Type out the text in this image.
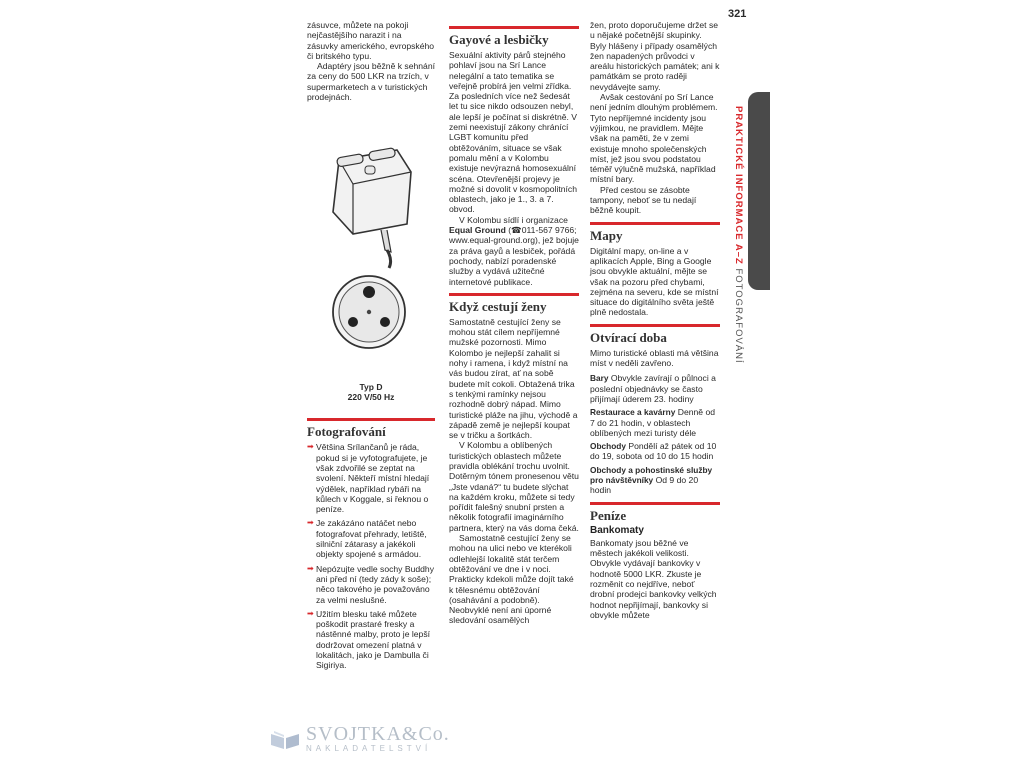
321
PRAKTICKÉ INFORMACE A–Z FOTOGRAFOVÁNÍ

zásuvce, můžete na pokoji nejčastějšího narazit i na zásuvky amerického, evropského či britského typu.

Adaptéry jsou běžně k sehnání za ceny do 500 LKR na trzích, v supermarketech a v turistických prodejnách.

Typ D
220 V/50 Hz
Fotografování
➡ Většina Srílančanů je ráda, pokud si je vyfotografujete, je však zdvořilé se zeptat na svolení. Někteří místní hledají výdělek, například rybáři na kůlech v Koggale, si řeknou o peníze.
➡ Je zakázáno natáčet nebo fotografovat přehrady, letiště, silniční zátarasy a jakékoli objekty spojené s armádou.
➡ Nepózujte vedle sochy Buddhy ani před ní (tedy zády k soše); něco takového je považováno za velmi neslušné.
➡ Užitím blesku také můžete poškodit prastaré fresky a nástěnné malby, proto je lepší dodržovat omezení platná v lokalitách, jako je Dambulla či Sigiriya.
Gayové a lesbičky

Sexuální aktivity párů stejného pohlaví jsou na Srí Lance nelegální a tato tematika se veřejně probírá jen velmi zřídka. Za posledních více než šedesát let tu sice nikdo odsouzen nebyl, ale lepší je počínat si diskrétně. V zemi neexistují zákony chránící LGBT komunitu před obtěžováním, situace se však pomalu mění a v Kolombu existuje nevýrazná homosexuální scéna. Otevřenější projevy je možné si dovolit v kosmopolitních oblastech, jako je 1., 3. a 7. obvod.

V Kolombu sídlí i organizace Equal Ground (☎011-567 9766; www.equal-ground.org), jež bojuje za práva gayů a lesbiček, pořádá pochody, nabízí poradenské služby a vydává užitečné internetové publikace.

Když cestují ženy

Samostatně cestující ženy se mohou stát cílem nepříjemné mužské pozornosti. Mimo Kolombo je nejlepší zahalit si nohy i ramena, i když místní na vás budou zírat, ať na sobě budete mít cokoli. Obtažená trika s tenkými ramínky nejsou rozhodně dobrý nápad. Mimo turistické pláže na jihu, východě a západě země je nejlepší koupat se v tričku a šortkách.

V Kolombu a oblíbených turistických oblastech můžete pravidla oblékání trochu uvolnit. Dotěrným tónem pronesenou větu „Jste vdaná?“ tu budete slýchat na každém kroku, můžete si tedy pořídit falešný snubní prsten a několik fotografií imaginárního partnera, který na vás doma čeká.

Samostatně cestující ženy se mohou na ulici nebo ve kterékoli odlehlejší lokalitě stát terčem obtěžování ve dne i v noci. Prakticky kdekoli může dojít také k tělesnému obtěžování (osahávání a podobně). Neobvyklé není ani úporné sledování osamělých

žen, proto doporučujeme držet se u nějaké početnější skupinky. Byly hlášeny i případy osamělých žen napadených průvodci v areálu historických památek; ani k památkám se proto raději nevydávejte samy.

Avšak cestování po Srí Lance není jedním dlouhým problémem. Tyto nepříjemné incidenty jsou výjimkou, ne pravidlem. Mějte však na paměti, že v zemi existuje mnoho společenských míst, jež jsou svou podstatou téměř výlučně mužská, například místní bary.

Před cestou se zásobte tampony, neboť se tu nedají běžně koupit.

Mapy

Digitální mapy, on-line a v aplikacích Apple, Bing a Google jsou obvykle aktuální, mějte se však na pozoru před chybami, zejména na severu, kde se místní situace do digitálního světa ještě plně nedostala.

Otvírací doba

Mimo turistické oblasti má většina míst v neděli zavřeno.

Bary Obvykle zavírají o půlnoci a poslední objednávky se často přijímají úderem 23. hodiny
Restaurace a kavárny Denně od 7 do 21 hodin, v oblastech oblíbených mezi turisty déle
Obchody Pondělí až pátek od 10 do 19, sobota od 10 do 15 hodin
Obchody a pohostinské služby pro návštěvníky Od 9 do 20 hodin
Peníze
Bankomaty

Bankomaty jsou běžné ve městech jakékoli velikosti. Obvykle vydávají bankovky v hodnotě 5000 LKR. Zkuste je rozměnit co nejdříve, neboť drobní prodejci bankovky velkých hodnot nepřijímají, bankovky si obvykle můžete

SVOJTKA&Co.
NAKLADATELSTVÍ
